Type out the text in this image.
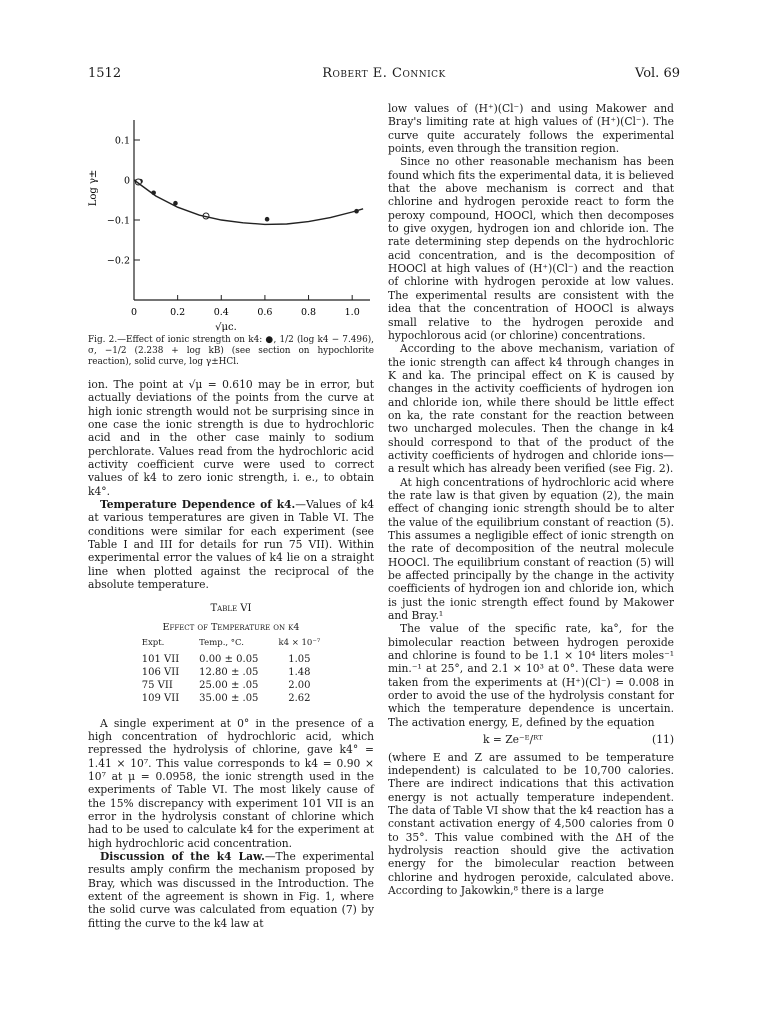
1512	Robert E. Connick	Vol. 69
0.1
0
−0.1
−0.2
0	0.2	0.4	0.6	0.8	1.0
Log γ±
√μc.
Fig. 2.—Effect of ionic strength on k4: ●, 1/2 (log k4 − 7.496), σ, −1/2 (2.238 + log kB) (see section on hypochlorite reaction), solid curve, log γ±HCl.

ion. The point at √μ = 0.610 may be in error, but actually deviations of the points from the curve at high ionic strength would not be surprising since in one case the ionic strength is due to hydrochloric acid and in the other case mainly to sodium perchlorate. Values read from the hydrochloric acid activity coefficient curve were used to correct values of k4 to zero ionic strength, i. e., to obtain k4°.

Temperature Dependence of k4.—Values of k4 at various temperatures are given in Table VI. The conditions were similar for each experiment (see Table I and III for details for run 75 VII). Within experimental error the values of k4 lie on a straight line when plotted against the reciprocal of the absolute temperature.

Table VI
Effect of Temperature on k4
Expt.	Temp., °C.	k4 × 10⁻⁷
101 VII	0.00 ± 0.05	1.05
106 VII	12.80 ± .05	1.48
75 VII	25.00 ± .05	2.00
109 VII	35.00 ± .05	2.62

A single experiment at 0° in the presence of a high concentration of hydrochloric acid, which repressed the hydrolysis of chlorine, gave k4° = 1.41 × 10⁷. This value corresponds to k4 = 0.90 × 10⁷ at μ = 0.0958, the ionic strength used in the experiments of Table VI. The most likely cause of the 15% discrepancy with experiment 101 VII is an error in the hydrolysis constant of chlorine which had to be used to calculate k4 for the experiment at high hydrochloric acid concentration.

Discussion of the k4 Law.—The experimental results amply confirm the mechanism proposed by Bray, which was discussed in the Introduction. The extent of the agreement is shown in Fig. 1, where the solid curve was calculated from equation (7) by fitting the curve to the k4 law at

low values of (H⁺)(Cl⁻) and using Makower and Bray's limiting rate at high values of (H⁺)(Cl⁻). The curve quite accurately follows the experimental points, even through the transition region.

Since no other reasonable mechanism has been found which fits the experimental data, it is believed that the above mechanism is correct and that chlorine and hydrogen peroxide react to form the peroxy compound, HOOCl, which then decomposes to give oxygen, hydrogen ion and chloride ion. The rate determining step depends on the hydrochloric acid concentration, and is the decomposition of HOOCl at high values of (H⁺)(Cl⁻) and the reaction of chlorine with hydrogen peroxide at low values. The experimental results are consistent with the idea that the concentration of HOOCl is always small relative to the hydrogen peroxide and hypochlorous acid (or chlorine) concentrations.

According to the above mechanism, variation of the ionic strength can affect k4 through changes in K and ka. The principal effect on K is caused by changes in the activity coefficients of hydrogen ion and chloride ion, while there should be little effect on ka, the rate constant for the reaction between two uncharged molecules. Then the change in k4 should correspond to that of the product of the activity coefficients of hydrogen and chloride ions—a result which has already been verified (see Fig. 2).

At high concentrations of hydrochloric acid where the rate law is that given by equation (2), the main effect of changing ionic strength should be to alter the value of the equilibrium constant of reaction (5). This assumes a negligible effect of ionic strength on the rate of decomposition of the neutral molecule HOOCl. The equilibrium constant of reaction (5) will be affected principally by the change in the activity coefficients of hydrogen ion and chloride ion, which is just the ionic strength effect found by Makower and Bray.¹

The value of the specific rate, ka°, for the bimolecular reaction between hydrogen peroxide and chlorine is found to be 1.1 × 10⁴ liters moles⁻¹ min.⁻¹ at 25°, and 2.1 × 10³ at 0°. These data were taken from the experiments at (H⁺)(Cl⁻) = 0.008 in order to avoid the use of the hydrolysis constant for which the temperature dependence is uncertain. The activation energy, E, defined by the equation

k = Ze⁻ᴱ/ᴿᵀ	(11)

(where E and Z are assumed to be temperature independent) is calculated to be 10,700 calories. There are indirect indications that this activation energy is not actually temperature independent. The data of Table VI show that the k4 reaction has a constant activation energy of 4,500 calories from 0 to 35°. This value combined with the ΔH of the hydrolysis reaction should give the activation energy for the bimolecular reaction between chlorine and hydrogen peroxide, calculated above. According to Jakowkin,⁸ there is a large
